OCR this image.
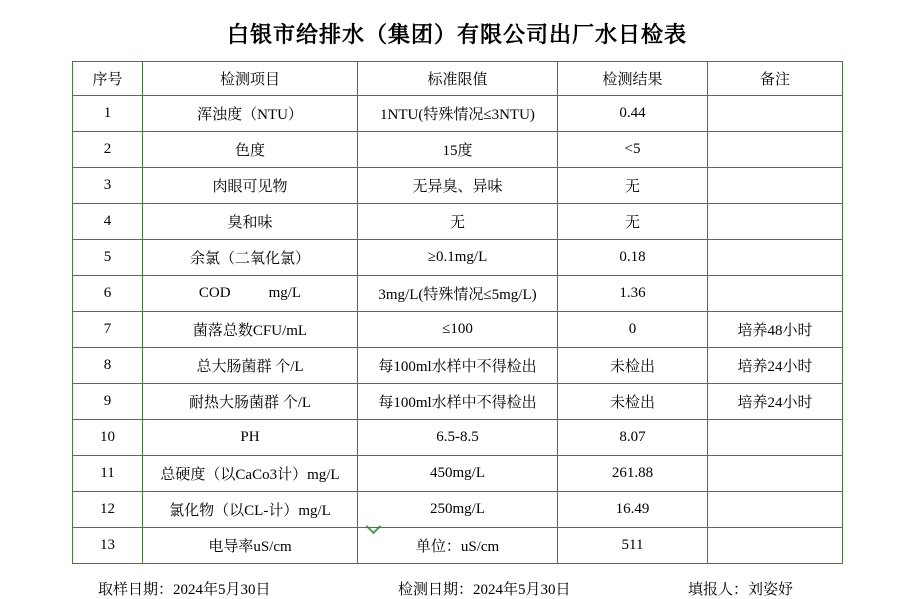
白银市给排水（集团）有限公司出厂水日检表
序号	检测项目	标准限值	检测结果	备注
1	浑浊度（NTU）	1NTU(特殊情况≤3NTU)	0.44	
2	色度	15度	<5	
3	肉眼可见物	无异臭、异味	无	
4	臭和味	无	无	
5	余氯（二氧化氯）	≥0.1mg/L	0.18	
6	COD mg/L	3mg/L(特殊情况≤5mg/L)	1.36	
7	菌落总数CFU/mL	≤100	0	培养48小时
8	总大肠菌群 个/L	每100ml水样中不得检出	未检出	培养24小时
9	耐热大肠菌群 个/L	每100ml水样中不得检出	未检出	培养24小时
10	PH	6.5-8.5	8.07	
11	总硬度（以CaCo3计）mg/L	450mg/L	261.88	
12	氯化物（以CL-计）mg/L	250mg/L	16.49	
13	电导率uS/cm	单位：uS/cm	511	
取样日期：2024年5月30日	检测日期：2024年5月30日	填报人：刘姿妤
